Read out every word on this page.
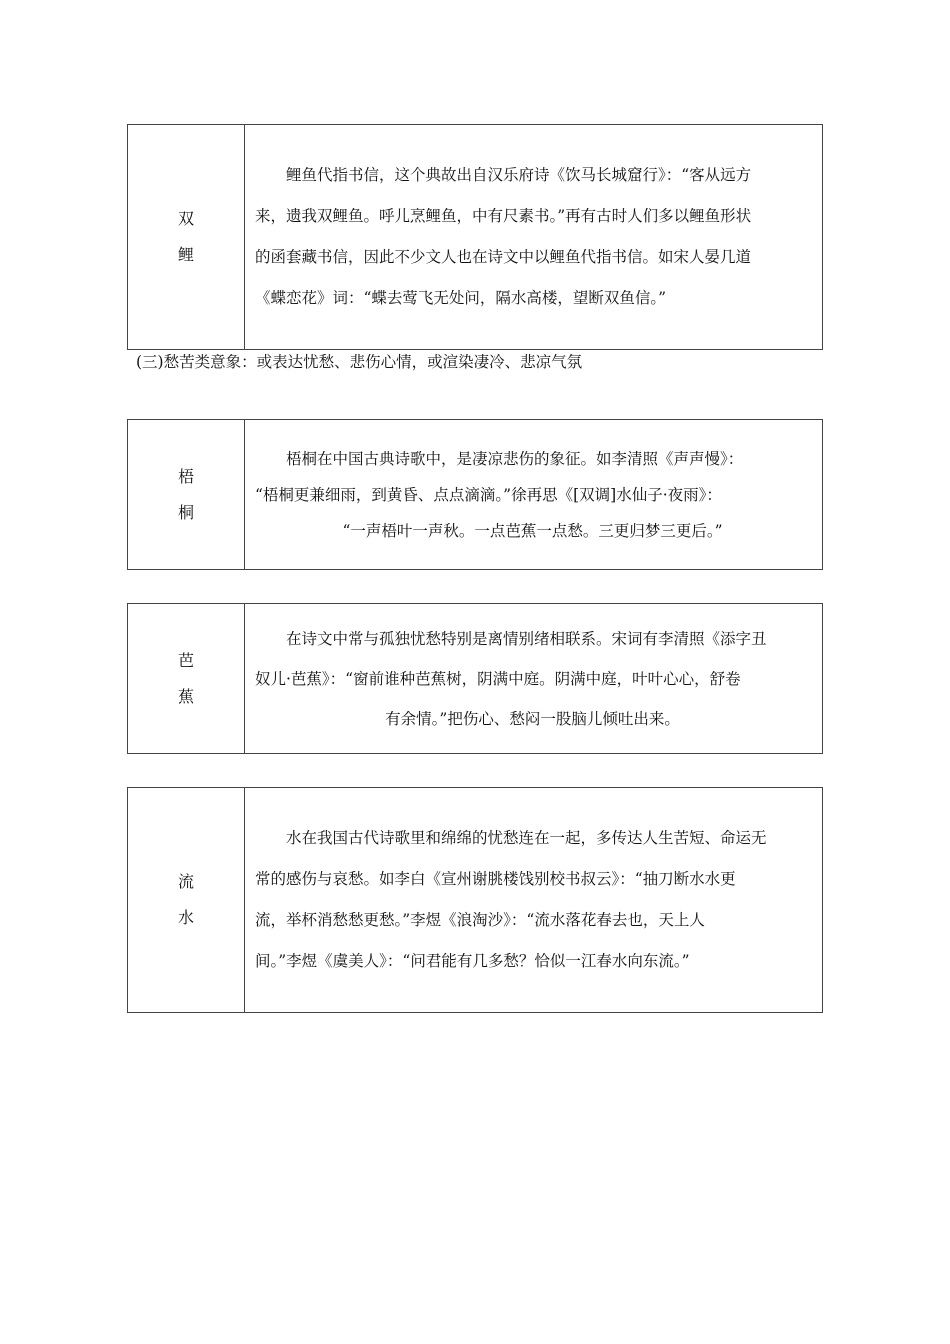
双
鲤

鲤鱼代指书信，这个典故出自汉乐府诗《饮马长城窟行》：“客从远方

来，遗我双鲤鱼。呼儿烹鲤鱼，中有尺素书。”再有古时人们多以鲤鱼形状

的函套藏书信，因此不少文人也在诗文中以鲤鱼代指书信。如宋人晏几道

《蝶恋花》词：“蝶去莺飞无处问，隔水高楼，望断双鱼信。”

(三)愁苦类意象：或表达忧愁、悲伤心情，或渲染凄冷、悲凉气氛
梧
桐

梧桐在中国古典诗歌中，是凄凉悲伤的象征。如李清照《声声慢》：

“梧桐更兼细雨，到黄昏、点点滴滴。”徐再思《[双调]水仙子·夜雨》：

“一声梧叶一声秋。一点芭蕉一点愁。三更归梦三更后。”

芭
蕉

在诗文中常与孤独忧愁特别是离情别绪相联系。宋词有李清照《添字丑

奴儿·芭蕉》：“窗前谁种芭蕉树，阴满中庭。阴满中庭，叶叶心心，舒卷

有余情。”把伤心、愁闷一股脑儿倾吐出来。

流
水

水在我国古代诗歌里和绵绵的忧愁连在一起，多传达人生苦短、命运无

常的感伤与哀愁。如李白《宣州谢朓楼饯别校书叔云》：“抽刀断水水更

流，举杯消愁愁更愁。”李煜《浪淘沙》：“流水落花春去也，天上人

间。”李煜《虞美人》：“问君能有几多愁？恰似一江春水向东流。”
